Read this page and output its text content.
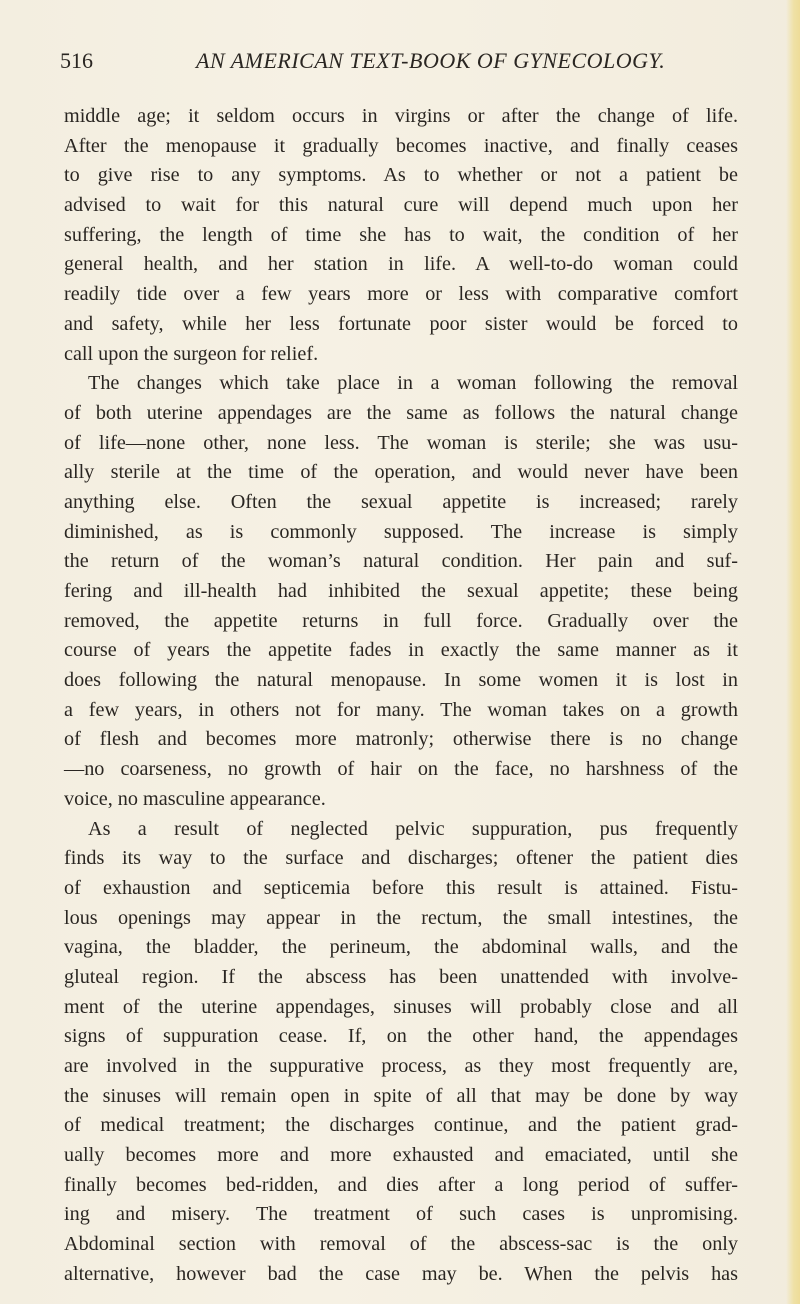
516	AN AMERICAN TEXT-BOOK OF GYNECOLOGY.
middle age; it seldom occurs in virgins or after the change of life.
After the menopause it gradually becomes inactive, and finally ceases
to give rise to any symptoms. As to whether or not a patient be
advised to wait for this natural cure will depend much upon her
suffering, the length of time she has to wait, the condition of her
general health, and her station in life. A well-to-do woman could
readily tide over a few years more or less with comparative comfort
and safety, while her less fortunate poor sister would be forced to
call upon the surgeon for relief.
The changes which take place in a woman following the removal
of both uterine appendages are the same as follows the natural change
of life—none other, none less. The woman is sterile; she was usu-
ally sterile at the time of the operation, and would never have been
anything else. Often the sexual appetite is increased; rarely
diminished, as is commonly supposed. The increase is simply
the return of the woman’s natural condition. Her pain and suf-
fering and ill-health had inhibited the sexual appetite; these being
removed, the appetite returns in full force. Gradually over the
course of years the appetite fades in exactly the same manner as it
does following the natural menopause. In some women it is lost in
a few years, in others not for many. The woman takes on a growth
of flesh and becomes more matronly; otherwise there is no change
—no coarseness, no growth of hair on the face, no harshness of the
voice, no masculine appearance.
As a result of neglected pelvic suppuration, pus frequently
finds its way to the surface and discharges; oftener the patient dies
of exhaustion and septicemia before this result is attained. Fistu-
lous openings may appear in the rectum, the small intestines, the
vagina, the bladder, the perineum, the abdominal walls, and the
gluteal region. If the abscess has been unattended with involve-
ment of the uterine appendages, sinuses will probably close and all
signs of suppuration cease. If, on the other hand, the appendages
are involved in the suppurative process, as they most frequently are,
the sinuses will remain open in spite of all that may be done by way
of medical treatment; the discharges continue, and the patient grad-
ually becomes more and more exhausted and emaciated, until she
finally becomes bed-ridden, and dies after a long period of suffer-
ing and misery. The treatment of such cases is unpromising.
Abdominal section with removal of the abscess-sac is the only
alternative, however bad the case may be. When the pelvis has
